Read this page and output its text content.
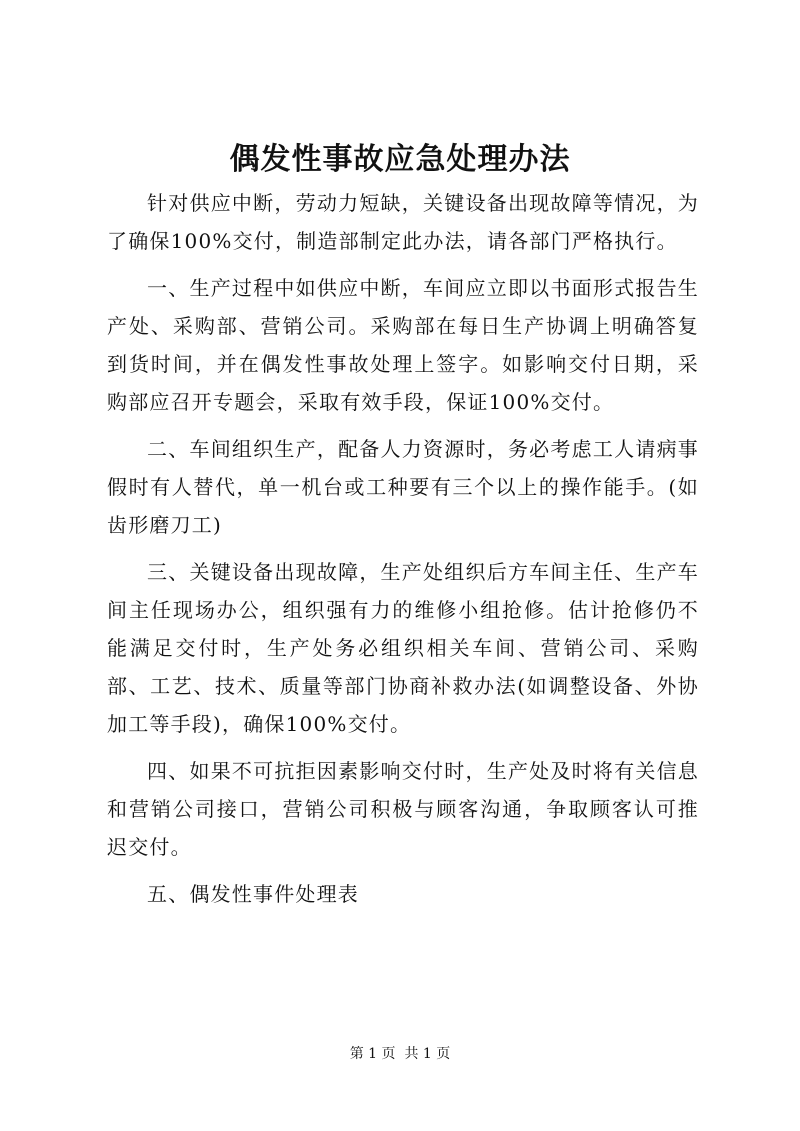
偶发性事故应急处理办法

针对供应中断，劳动力短缺，关键设备出现故障等情况，为了确保100%交付，制造部制定此办法，请各部门严格执行。

一、生产过程中如供应中断，车间应立即以书面形式报告生产处、采购部、营销公司。采购部在每日生产协调上明确答复到货时间，并在偶发性事故处理上签字。如影响交付日期，采购部应召开专题会，采取有效手段，保证100%交付。

二、车间组织生产，配备人力资源时，务必考虑工人请病事假时有人替代，单一机台或工种要有三个以上的操作能手。(如齿形磨刀工)

三、关键设备出现故障，生产处组织后方车间主任、生产车间主任现场办公，组织强有力的维修小组抢修。估计抢修仍不能满足交付时，生产处务必组织相关车间、营销公司、采购部、工艺、技术、质量等部门协商补救办法(如调整设备、外协加工等手段)，确保100%交付。

四、如果不可抗拒因素影响交付时，生产处及时将有关信息和营销公司接口，营销公司积极与顾客沟通，争取顾客认可推迟交付。

五、偶发性事件处理表

第 1 页  共 1 页
